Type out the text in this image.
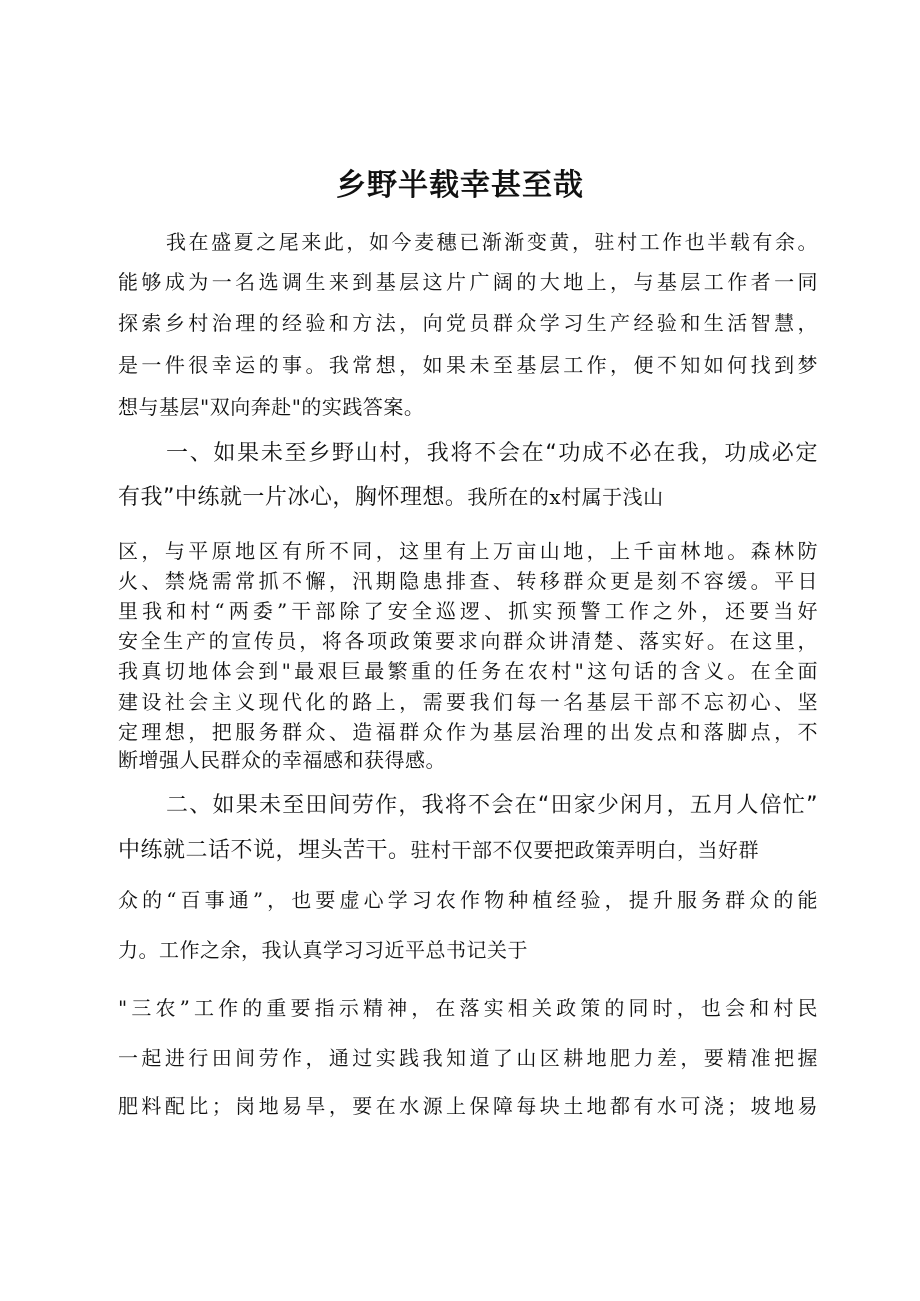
乡野半载幸甚至哉
我在盛夏之尾来此，如今麦穗已渐渐变黄，驻村工作也半载有余。
能够成为一名选调生来到基层这片广阔的大地上，与基层工作者一同
探索乡村治理的经验和方法，向党员群众学习生产经验和生活智慧，
是一件很幸运的事。我常想，如果未至基层工作，便不知如何找到梦
想与基层"双向奔赴"的实践答案。
一、如果未至乡野山村，我将不会在“功成不必在我，功成必定
有我”中练就一片冰心，胸怀理想。我所在的x村属于浅山
区，与平原地区有所不同，这里有上万亩山地，上千亩林地。森林防
火、禁烧需常抓不懈，汛期隐患排查、转移群众更是刻不容缓。平日
里我和村“两委”干部除了安全巡逻、抓实预警工作之外，还要当好
安全生产的宣传员，将各项政策要求向群众讲清楚、落实好。在这里，
我真切地体会到"最艰巨最繁重的任务在农村"这句话的含义。在全面
建设社会主义现代化的路上，需要我们每一名基层干部不忘初心、坚
定理想，把服务群众、造福群众作为基层治理的出发点和落脚点，不
断增强人民群众的幸福感和获得感。
二、如果未至田间劳作，我将不会在“田家少闲月，五月人倍忙”
中练就二话不说，埋头苦干。驻村干部不仅要把政策弄明白，当好群
众的“百事通”，也要虚心学习农作物种植经验，提升服务群众的能
力。工作之余，我认真学习习近平总书记关于
"三农”工作的重要指示精神，在落实相关政策的同时，也会和村民
一起进行田间劳作，通过实践我知道了山区耕地肥力差，要精准把握
肥料配比；岗地易旱，要在水源上保障每块土地都有水可浇；坡地易
